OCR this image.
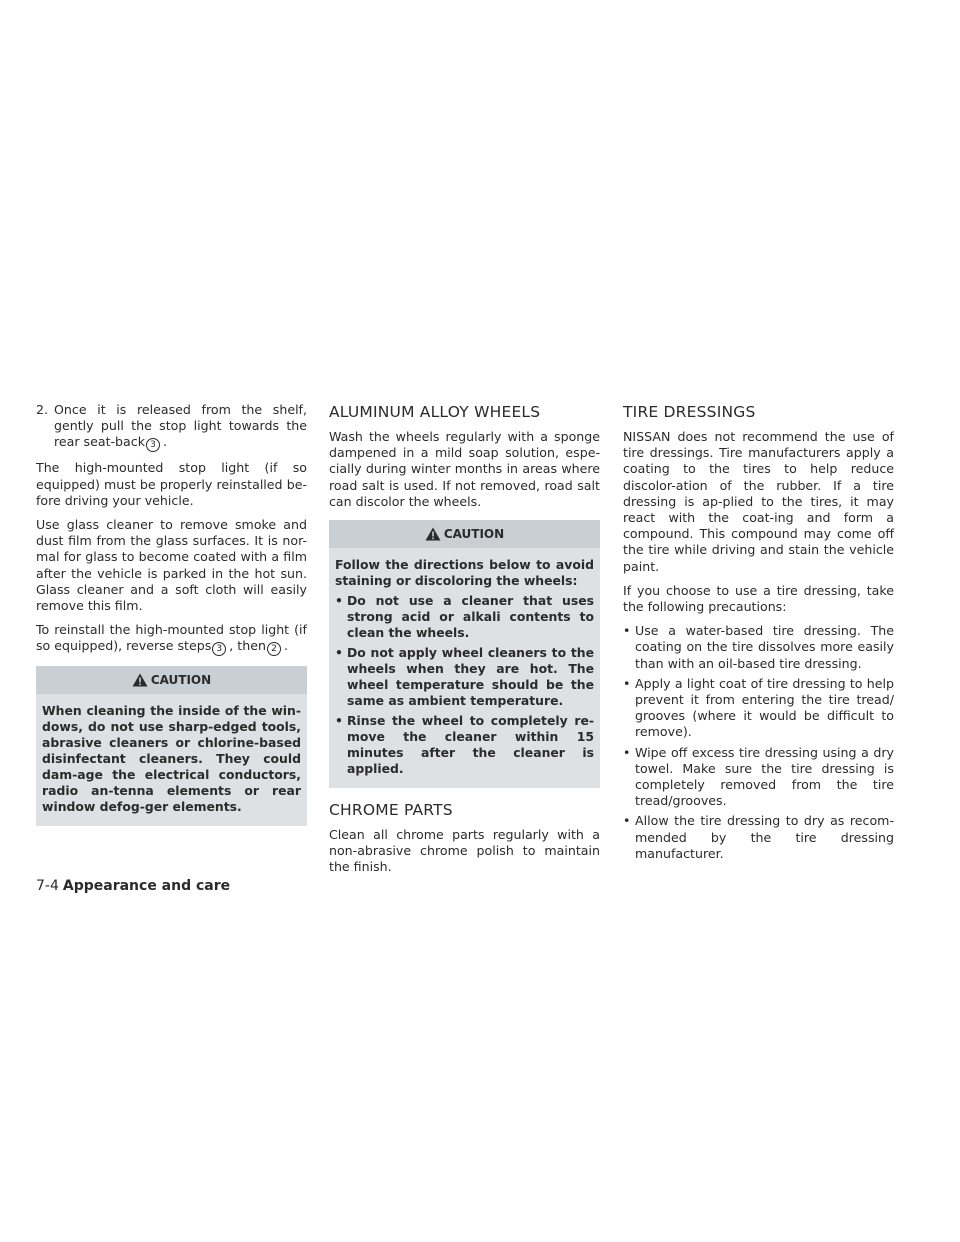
2. Once it is released from the shelf, gently pull the stop light towards the rear seat-back 3 .

The high-mounted stop light (if so equipped) must be properly reinstalled be-fore driving your vehicle.

Use glass cleaner to remove smoke and dust film from the glass surfaces. It is nor-mal for glass to become coated with a film after the vehicle is parked in the hot sun. Glass cleaner and a soft cloth will easily remove this film.

To reinstall the high-mounted stop light (if so equipped), reverse steps 3 , then 2 .

CAUTION

When cleaning the inside of the win-dows, do not use sharp-edged tools, abrasive cleaners or chlorine-based disinfectant cleaners. They could dam-age the electrical conductors, radio an-tenna elements or rear window defog-ger elements.

ALUMINUM ALLOY WHEELS

Wash the wheels regularly with a sponge dampened in a mild soap solution, espe-cially during winter months in areas where road salt is used. If not removed, road salt can discolor the wheels.

CAUTION

Follow the directions below to avoid staining or discoloring the wheels:

• Do not use a cleaner that uses strong acid or alkali contents to clean the wheels.
• Do not apply wheel cleaners to the wheels when they are hot. The wheel temperature should be the same as ambient temperature.
• Rinse the wheel to completely re-move the cleaner within 15 minutes after the cleaner is applied.
CHROME PARTS

Clean all chrome parts regularly with a non-abrasive chrome polish to maintain the finish.

TIRE DRESSINGS

NISSAN does not recommend the use of tire dressings. Tire manufacturers apply a coating to the tires to help reduce discolor-ation of the rubber. If a tire dressing is ap-plied to the tires, it may react with the coat-ing and form a compound. This compound may come off the tire while driving and stain the vehicle paint.

If you choose to use a tire dressing, take the following precautions:

• Use a water-based tire dressing. The coating on the tire dissolves more easily than with an oil-based tire dressing.
• Apply a light coat of tire dressing to help prevent it from entering the tire tread/ grooves (where it would be difficult to remove).
• Wipe off excess tire dressing using a dry towel. Make sure the tire dressing is completely removed from the tire tread/grooves.
• Allow the tire dressing to dry as recom-mended by the tire dressing manufacturer.
7-4 Appearance and care
